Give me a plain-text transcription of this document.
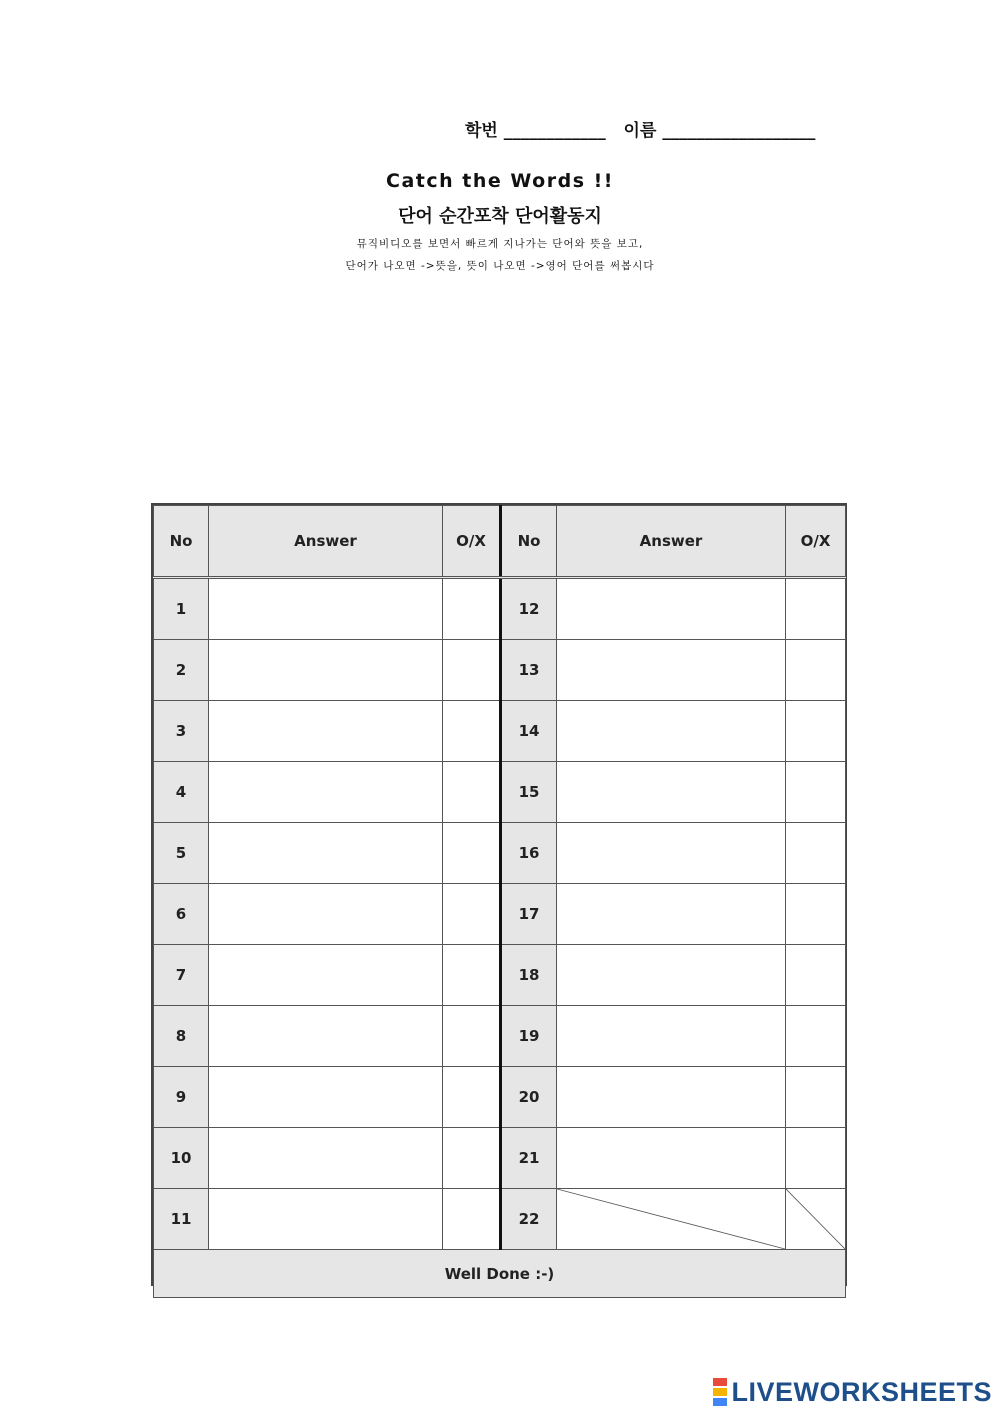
학번 ____________ 이름 __________________
Catch the Words !!
단어 순간포착 단어활동지
뮤직비디오를 보면서 빠르게 지나가는 단어와 뜻을 보고,
단어가 나오면 ->뜻을, 뜻이 나오면 ->영어 단어를 써봅시다
No	Answer	O/X	No	Answer	O/X
1			12		
2			13		
3			14		
4			15		
5			16		
6			17		
7			18		
8			19		
9			20		
10			21		
11			22	

Well Done :-)					
LIVEWORKSHEETS
